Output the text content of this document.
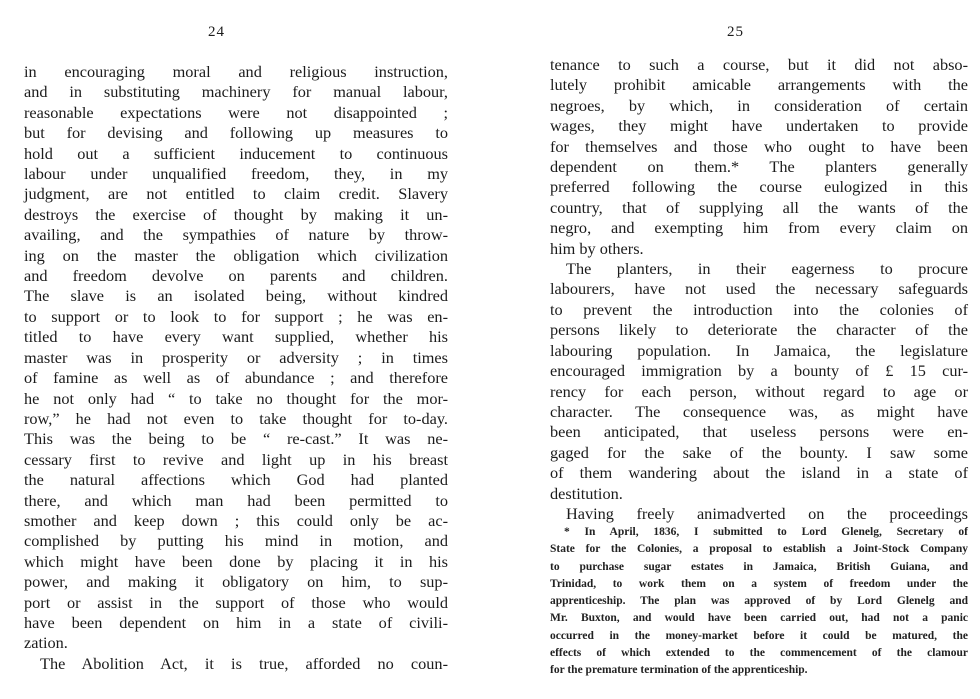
24
in encouraging moral and religious instruction,
and in substituting machinery for manual labour,
reasonable expectations were not disappointed ;
but for devising and following up measures to
hold out a sufficient inducement to continuous
labour under unqualified freedom, they, in my
judgment, are not entitled to claim credit. Slavery
destroys the exercise of thought by making it un-
availing, and the sympathies of nature by throw-
ing on the master the obligation which civilization
and freedom devolve on parents and children.
The slave is an isolated being, without kindred
to support or to look to for support ; he was en-
titled to have every want supplied, whether his
master was in prosperity or adversity ; in times
of famine as well as of abundance ; and therefore
he not only had “ to take no thought for the mor-
row,” he had not even to take thought for to-day.
This was the being to be “ re-cast.” It was ne-
cessary first to revive and light up in his breast
the natural affections which God had planted
there, and which man had been permitted to
smother and keep down ; this could only be ac-
complished by putting his mind in motion, and
which might have been done by placing it in his
power, and making it obligatory on him, to sup-
port or assist in the support of those who would
have been dependent on him in a state of civili-
zation.
The Abolition Act, it is true, afforded no coun-
25
tenance to such a course, but it did not abso-
lutely prohibit amicable arrangements with the
negroes, by which, in consideration of certain
wages, they might have undertaken to provide
for themselves and those who ought to have been
dependent on them.* The planters generally
preferred following the course eulogized in this
country, that of supplying all the wants of the
negro, and exempting him from every claim on
him by others.
The planters, in their eagerness to procure
labourers, have not used the necessary safeguards
to prevent the introduction into the colonies of
persons likely to deteriorate the character of the
labouring population. In Jamaica, the legislature
encouraged immigration by a bounty of £ 15 cur-
rency for each person, without regard to age or
character. The consequence was, as might have
been anticipated, that useless persons were en-
gaged for the sake of the bounty. I saw some
of them wandering about the island in a state of
destitution.
Having freely animadverted on the proceedings
* In April, 1836, I submitted to Lord Glenelg, Secretary of
State for the Colonies, a proposal to establish a Joint-Stock Company
to purchase sugar estates in Jamaica, British Guiana, and
Trinidad, to work them on a system of freedom under the
apprenticeship. The plan was approved of by Lord Glenelg and
Mr. Buxton, and would have been carried out, had not a panic
occurred in the money-market before it could be matured, the
effects of which extended to the commencement of the clamour
for the premature termination of the apprenticeship.
